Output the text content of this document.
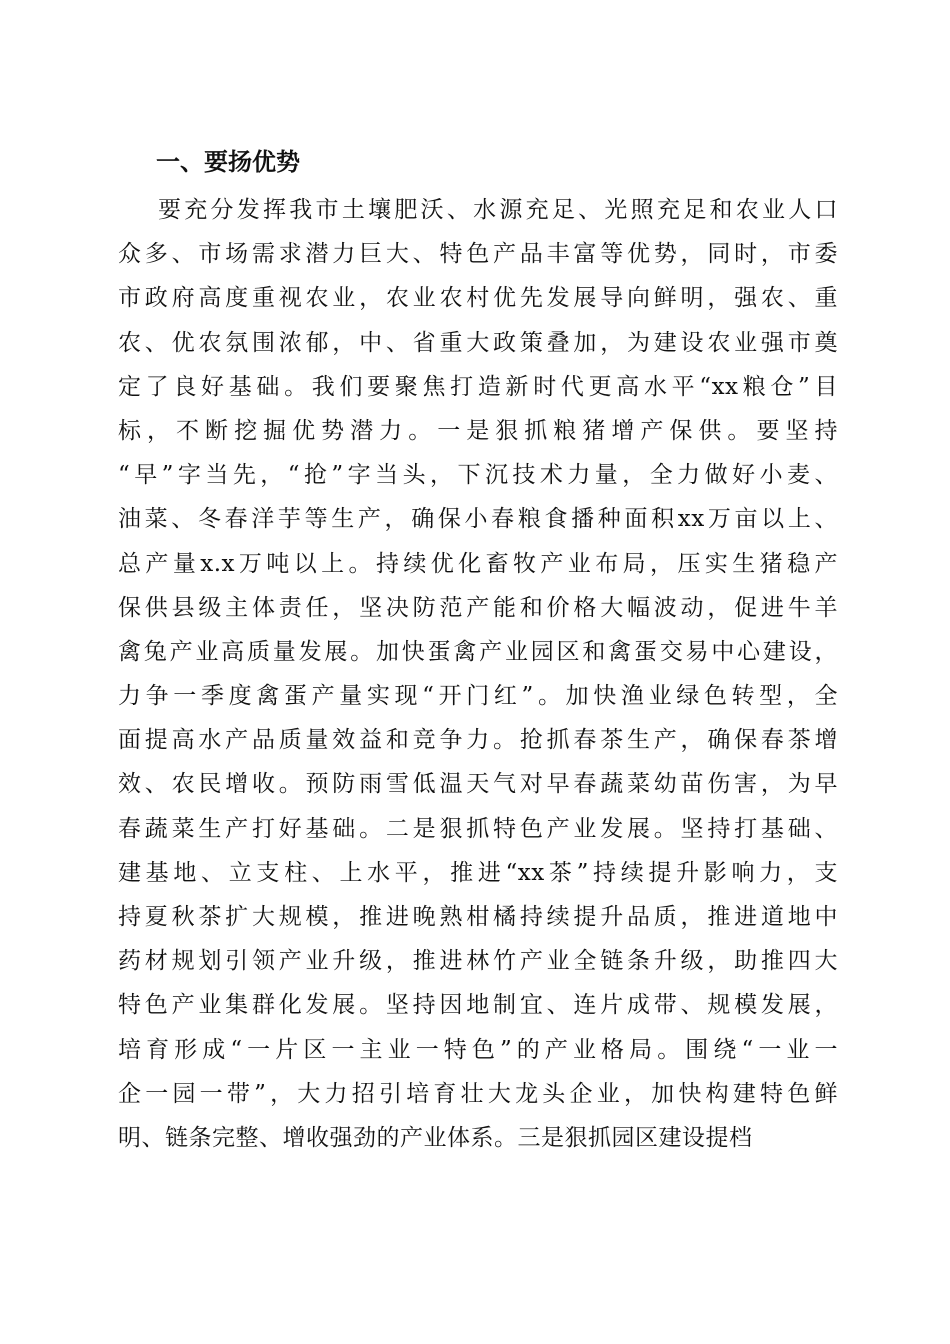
一、要扬优势
要充分发挥我市土壤肥沃、水源充足、光照充足和农业人口
众多、市场需求潜力巨大、特色产品丰富等优势，同时，市委
市政府高度重视农业，农业农村优先发展导向鲜明，强农、重
农、优农氛围浓郁，中、省重大政策叠加，为建设农业强市奠
定了良好基础。我们要聚焦打造新时代更高水平“xx粮仓”目
标，不断挖掘优势潜力。一是狠抓粮猪增产保供。要坚持
“早”字当先，“抢”字当头，下沉技术力量，全力做好小麦、
油菜、冬春洋芋等生产，确保小春粮食播种面积xx万亩以上、
总产量x.x万吨以上。持续优化畜牧产业布局，压实生猪稳产
保供县级主体责任，坚决防范产能和价格大幅波动，促进牛羊
禽兔产业高质量发展。加快蛋禽产业园区和禽蛋交易中心建设，
力争一季度禽蛋产量实现“开门红”。加快渔业绿色转型，全
面提高水产品质量效益和竞争力。抢抓春茶生产，确保春茶增
效、农民增收。预防雨雪低温天气对早春蔬菜幼苗伤害，为早
春蔬菜生产打好基础。二是狠抓特色产业发展。坚持打基础、
建基地、立支柱、上水平，推进“xx茶”持续提升影响力，支
持夏秋茶扩大规模，推进晚熟柑橘持续提升品质，推进道地中
药材规划引领产业升级，推进林竹产业全链条升级，助推四大
特色产业集群化发展。坚持因地制宜、连片成带、规模发展，
培育形成“一片区一主业一特色”的产业格局。围绕“一业一
企一园一带”，大力招引培育壮大龙头企业，加快构建特色鲜
明、链条完整、增收强劲的产业体系。三是狠抓园区建设提档
